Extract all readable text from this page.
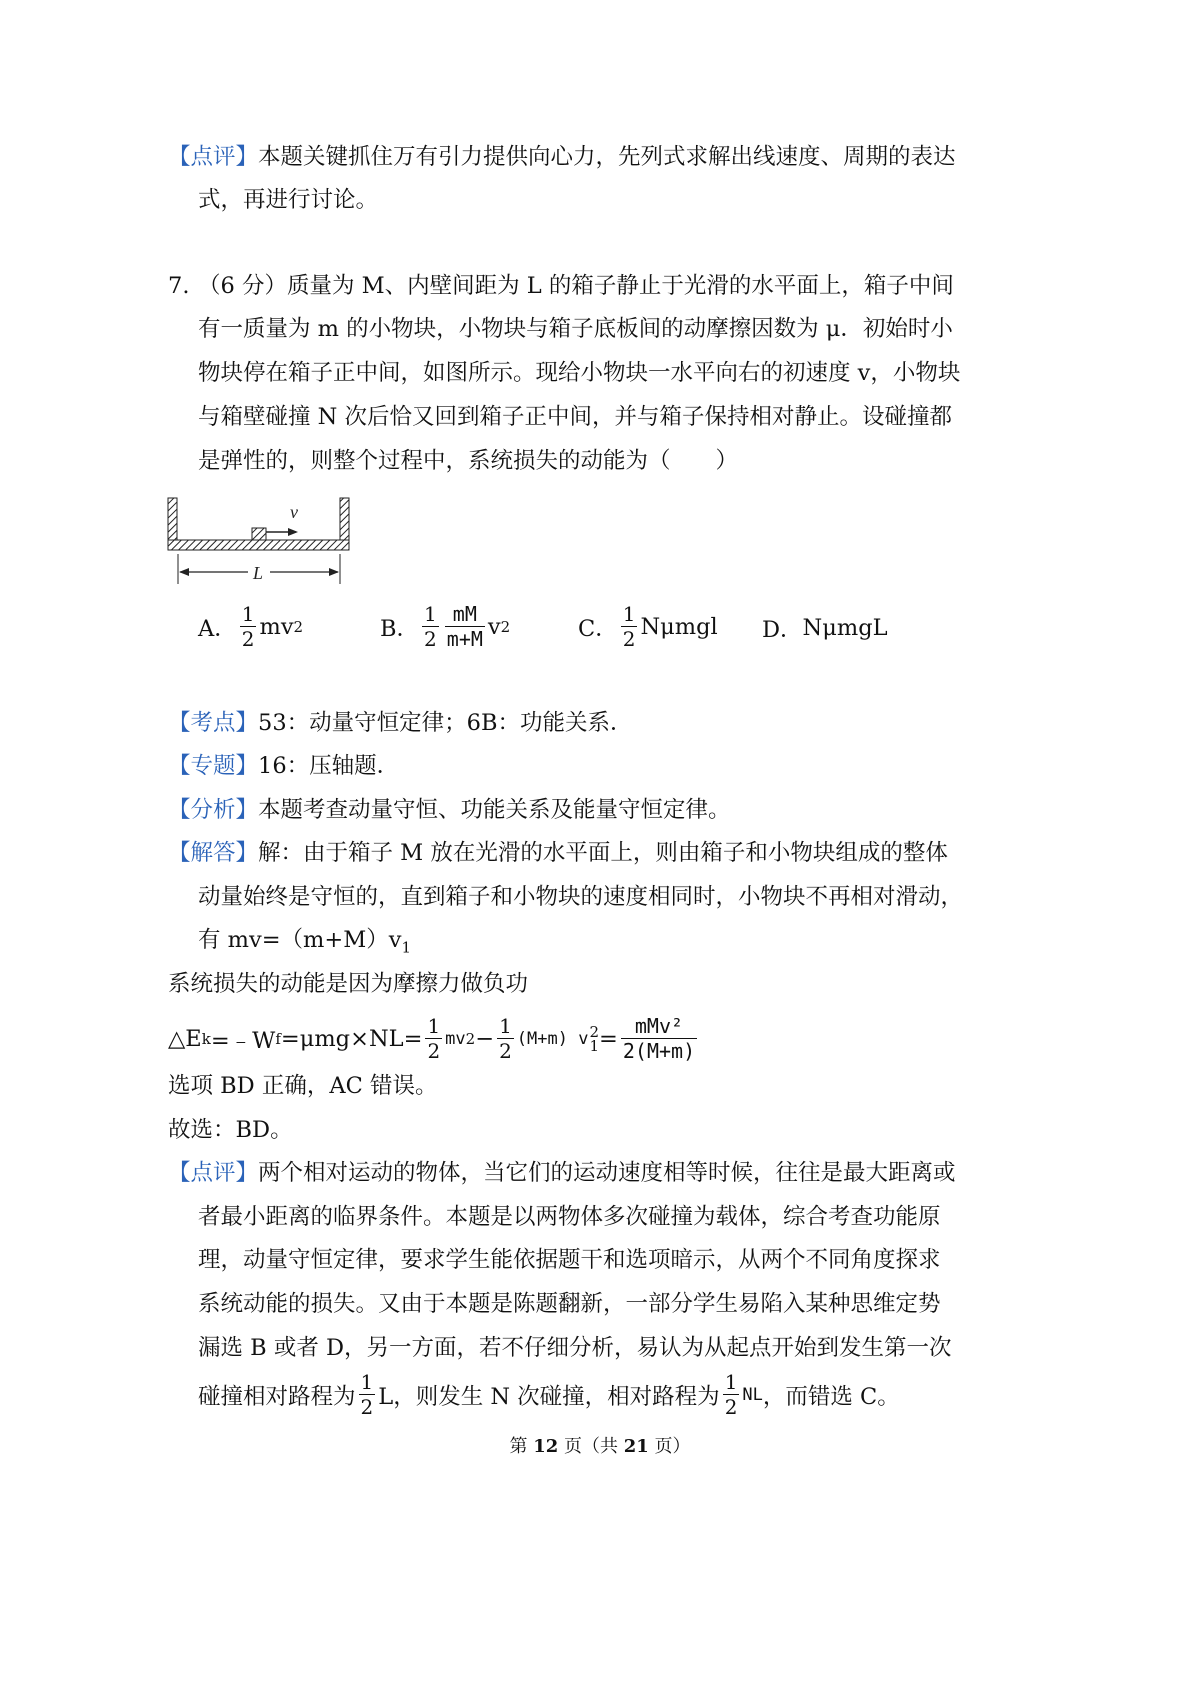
【点评】本题关键抓住万有引力提供向心力，先列式求解出线速度、周期的表达
式，再进行讨论。
7. （6 分）质量为 M、内壁间距为 L 的箱子静止于光滑的水平面上，箱子中间
有一质量为 m 的小物块，小物块与箱子底板间的动摩擦因数为 μ．初始时小
物块停在箱子正中间，如图所示。现给小物块一水平向右的初速度 v，小物块
与箱壁碰撞 N 次后恰又回到箱子正中间，并与箱子保持相对静止。设碰撞都
是弹性的，则整个过程中，系统损失的动能为（　　）
v
L
A． $\frac{1}{2}$ mv 2	B． $\frac{1}{2} \frac{mM}{m+M}$ v 2	C． $\frac{1}{2}$ Nμmgl D． NμmgL
【考点】53：动量守恒定律；6B：功能关系．
【专题】16：压轴题．
【分析】本题考查动量守恒、功能关系及能量守恒定律。
【解答】解：由于箱子 M 放在光滑的水平面上，则由箱子和小物块组成的整体
动量始终是守恒的，直到箱子和小物块的速度相同时，小物块不再相对滑动，
有 $mv=(m+M)v_1$
系统损失的动能是因为摩擦力做负功
△E k =﹣W $f =\mu mg\times NL= \frac{1}{2}$ mv $2 - \frac{1}{2} (M+m)$ v 2
$1 = \frac{\text{mMv²}}{2(M+m)}$
选项 BD 正确，AC 错误。
故选：BD。
【点评】两个相对运动的物体，当它们的运动速度相等时候，往往是最大距离或
者最小距离的临界条件。本题是以两物体多次碰撞为载体，综合考查功能原
理，动量守恒定律，要求学生能依据题干和选项暗示，从两个不同角度探求
系统动能的损失。又由于本题是陈题翻新，一部分学生易陷入某种思维定势
漏选 B 或者 D，另一方面，若不仔细分析，易认为从起点开始到发生第一次
碰撞相对路程为 $\frac{1}{2}$ L，则发生 N 次碰撞，相对路程为 $\frac{1}{2}$ NL ，而错选 C。
第 12 页（共 21 页）
